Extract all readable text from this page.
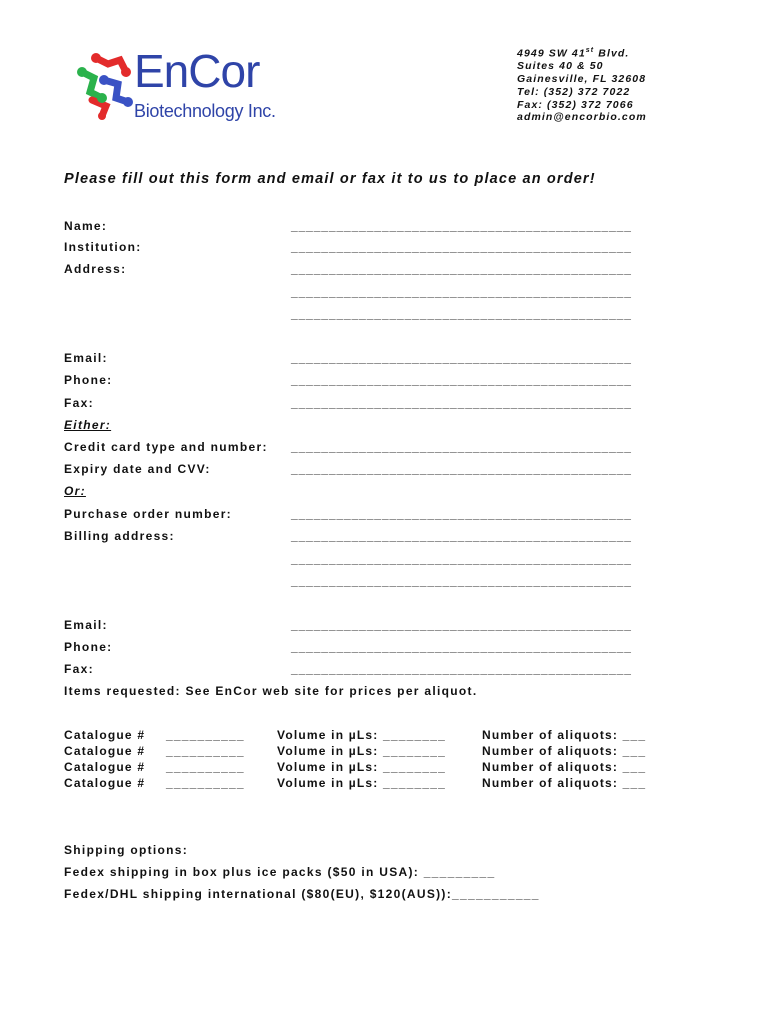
EnCor
Biotechnology Inc.
4949 SW 41st Blvd.
Suites 40 & 50
Gainesville, FL 32608
Tel: (352) 372 7022
Fax: (352) 372 7066
admin@encorbio.com
Please fill out this form and email or fax it to us to place an order!
Name:	_____________________________________________
Institution:	_____________________________________________
Address:	_____________________________________________
_____________________________________________
_____________________________________________
Email:	_____________________________________________
Phone:	_____________________________________________
Fax:	_____________________________________________
Either:
Credit card type and number: _____________________________________________
Expiry date and CVV:	_____________________________________________
Or:
Purchase order number:	_____________________________________________
Billing address:	_____________________________________________
_____________________________________________
_____________________________________________
Email:	_____________________________________________
Phone:	_____________________________________________
Fax:	_____________________________________________
Items requested: See EnCor web site for prices per aliquot.
Catalogue # __________	Volume in µLs: ________	Number of aliquots: ___
Catalogue # __________	Volume in µLs: ________	Number of aliquots: ___
Catalogue # __________	Volume in µLs: ________	Number of aliquots: ___
Catalogue # __________	Volume in µLs: ________	Number of aliquots: ___
Shipping options:
Fedex shipping in box plus ice packs ($50 in USA): _________
Fedex/DHL shipping international ($80(EU), $120(AUS)):___________
